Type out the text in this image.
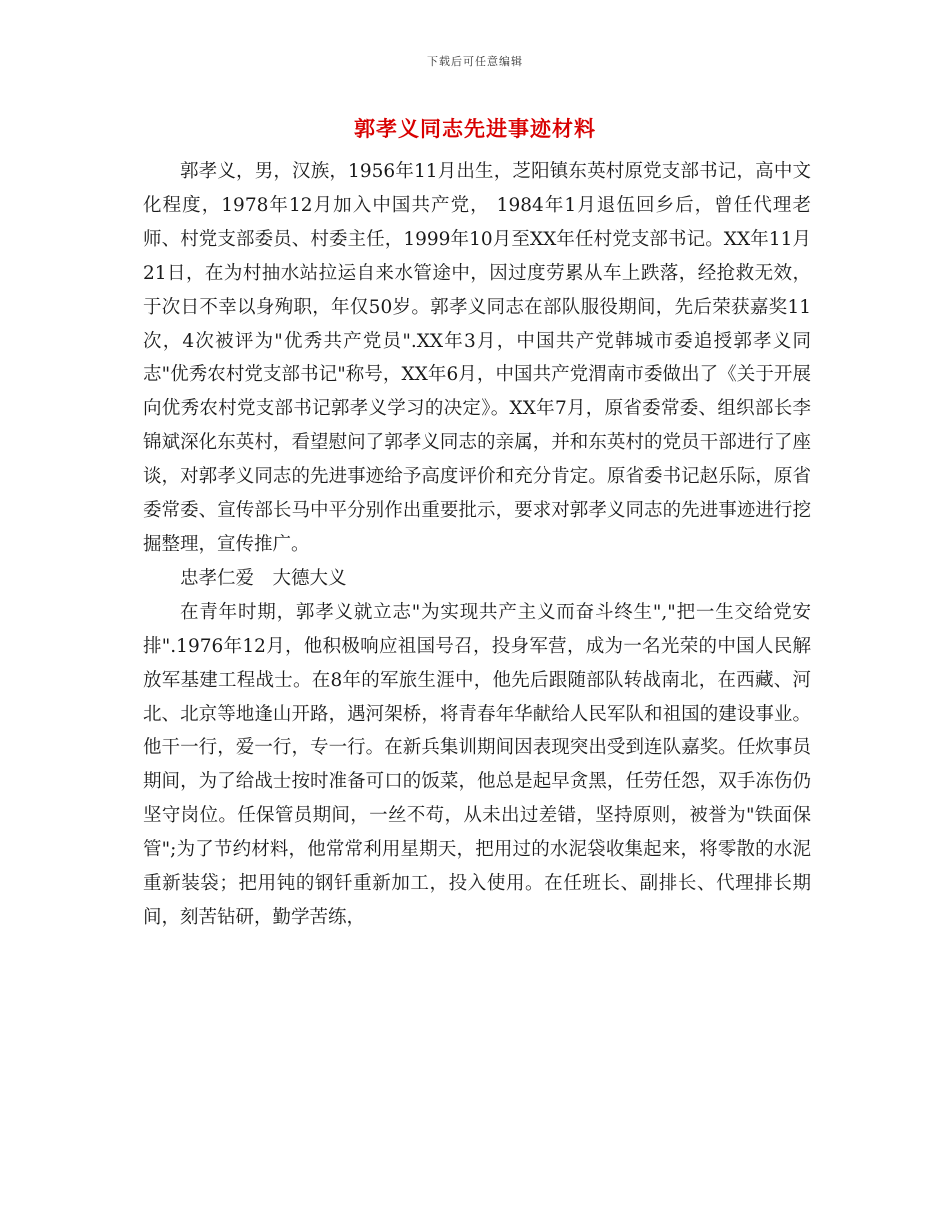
下载后可任意编辑
郭孝义同志先进事迹材料

郭孝义，男，汉族，1956年11月出生，芝阳镇东英村原党支部书记，高中文化程度，1978年12月加入中国共产党， 1984年1月退伍回乡后，曾任代理老师、村党支部委员、村委主任，1999年10月至XX年任村党支部书记。XX年11月21日，在为村抽水站拉运自来水管途中，因过度劳累从车上跌落，经抢救无效，于次日不幸以身殉职，年仅50岁。郭孝义同志在部队服役期间，先后荣获嘉奖11次，4次被评为"优秀共产党员".XX年3月，中国共产党韩城市委追授郭孝义同志"优秀农村党支部书记"称号，XX年6月，中国共产党渭南市委做出了《关于开展向优秀农村党支部书记郭孝义学习的决定》。XX年7月，原省委常委、组织部长李锦斌深化东英村，看望慰问了郭孝义同志的亲属，并和东英村的党员干部进行了座谈，对郭孝义同志的先进事迹给予高度评价和充分肯定。原省委书记赵乐际，原省委常委、宣传部长马中平分别作出重要批示，要求对郭孝义同志的先进事迹进行挖掘整理，宣传推广。

忠孝仁爱　大德大义

在青年时期，郭孝义就立志"为实现共产主义而奋斗终生","把一生交给党安排".1976年12月，他积极响应祖国号召，投身军营，成为一名光荣的中国人民解放军基建工程战士。在8年的军旅生涯中，他先后跟随部队转战南北，在西藏、河北、北京等地逢山开路，遇河架桥，将青春年华献给人民军队和祖国的建设事业。他干一行，爱一行，专一行。在新兵集训期间因表现突出受到连队嘉奖。任炊事员期间，为了给战士按时准备可口的饭菜，他总是起早贪黑，任劳任怨，双手冻伤仍坚守岗位。任保管员期间，一丝不苟，从未出过差错，坚持原则，被誉为"铁面保管";为了节约材料，他常常利用星期天，把用过的水泥袋收集起来，将零散的水泥重新装袋；把用钝的钢钎重新加工，投入使用。在任班长、副排长、代理排长期间，刻苦钻研，勤学苦练，
